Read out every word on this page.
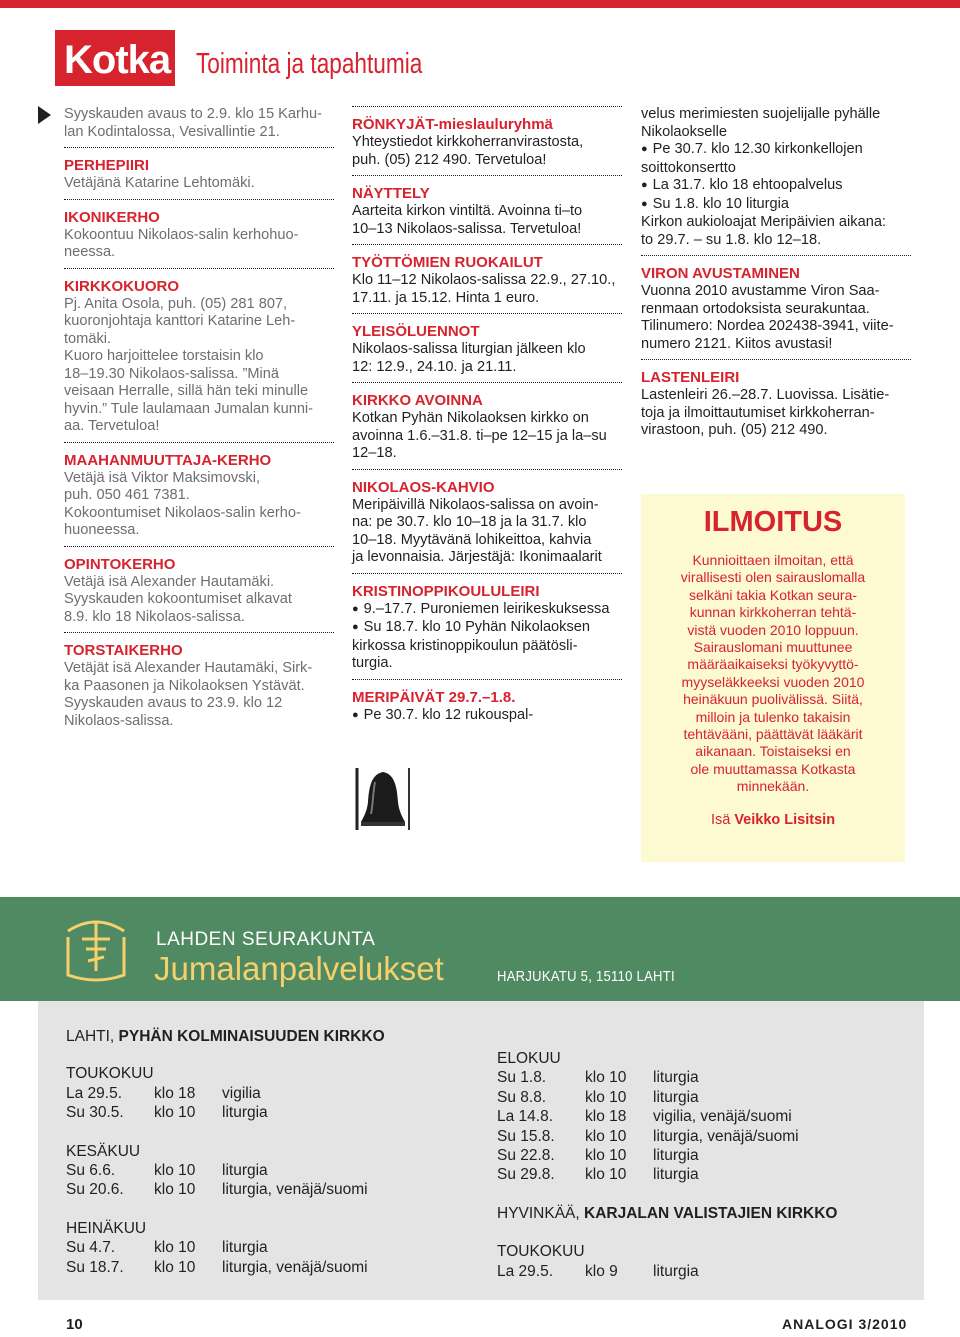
Kotka Toiminta ja tapahtumia

Syyskauden avaus to 2.9. klo 15 Karhu-

lan Kodintalossa, Vesivallintie 21.

PERHEPIIRI

Vetäjänä Katarine Lehtomäki.

IKONIKERHO

Kokoontuu Nikolaos-salin kerhohuo-

neessa.

KIRKKOKUORO

Pj. Anita Osola, puh. (05) 281 807,

kuoronjohtaja kanttori Katarine Leh-

tomäki.

Kuoro harjoittelee torstaisin klo

18–19.30 Nikolaos-salissa. ”Minä

veisaan Herralle, sillä hän teki minulle

hyvin.” Tule laulamaan Jumalan kunni-

aa. Tervetuloa!

MAAHANMUUTTAJA-KERHO

Vetäjä isä Viktor Maksimovski,

puh. 050 461 7381.

Kokoontumiset Nikolaos-salin kerho-

huoneessa.

OPINTOKERHO

Vetäjä isä Alexander Hautamäki.

Syyskauden kokoontumiset alkavat

8.9. klo 18 Nikolaos-salissa.

TORSTAIKERHO

Vetäjät isä Alexander Hautamäki, Sirk-

ka Paasonen ja Nikolaoksen Ystävät.

Syyskauden avaus to 23.9. klo 12

Nikolaos-salissa.

RÖNKYJÄT-mieslauluryhmä

Yhteystiedot kirkkoherranvirastosta,

puh. (05) 212 490. Tervetuloa!

NÄYTTELY

Aarteita kirkon vintiltä. Avoinna ti–to

10–13 Nikolaos-salissa. Tervetuloa!

TYÖTTÖMIEN RUOKAILUT

Klo 11–12 Nikolaos-salissa 22.9., 27.10.,

17.11. ja 15.12. Hinta 1 euro.

YLEISÖLUENNOT

Nikolaos-salissa liturgian jälkeen klo

12: 12.9., 24.10. ja 21.11.

KIRKKO AVOINNA

Kotkan Pyhän Nikolaoksen kirkko on

avoinna 1.6.–31.8. ti–pe 12–15 ja la–su

12–18.

NIKOLAOS-KAHVIO

Meripäivillä Nikolaos-salissa on avoin-

na: pe 30.7. klo 10–18 ja la 31.7. klo

10–18. Myytävänä lohikeittoa, kahvia

ja levonnaisia. Järjestäjä: Ikonimaalarit

KRISTINOPPIKOULULEIRI

● 9.–17.7. Puroniemen leirikeskuksessa

● Su 18.7. klo 10 Pyhän Nikolaoksen

kirkossa kristinoppikoulun päätösli-

turgia.

MERIPÄIVÄT 29.7.–1.8.

● Pe 30.7. klo 12 rukouspal-

velus merimiesten suojelijalle pyhälle

Nikolaokselle

● Pe 30.7. klo 12.30 kirkonkellojen

soittokonsertto

● La 31.7. klo 18 ehtoopalvelus

● Su 1.8. klo 10 liturgia

Kirkon aukioloajat Meripäivien aikana:

to 29.7. – su 1.8. klo 12–18.

VIRON AVUSTAMINEN

Vuonna 2010 avustamme Viron Saa-

renmaan ortodoksista seurakuntaa.

Tilinumero: Nordea 202438-3941, viite-

numero 2121. Kiitos avustasi!

LASTENLEIRI

Lastenleiri 26.–28.7. Luovissa. Lisätie-

toja ja ilmoittautumiset kirkkoherran-

virastoon, puh. (05) 212 490.

ILMOITUS
Kunnioittaen ilmoitan, että
virallisesti olen sairauslomalla
selkäni takia Kotkan seura-
kunnan kirkkoherran tehtä-
vistä vuoden 2010 loppuun.
Sairauslomani muuttunee
määräaikaiseksi työkyvyttö-
myyseläkkeeksi vuoden 2010
heinäkuun puolivälissä. Siitä,
milloin ja tulenko takaisin
tehtävääni, päättävät lääkärit
aikanaan. Toistaiseksi en
ole muuttamassa Kotkasta
minnekään.
Isä Veikko Lisitsin
LAHDEN SEURAKUNTA
Jumalanpalvelukset	HARJUKATU 5, 15110 LAHTI
LAHTI, PYHÄN KOLMINAISUUDEN KIRKKO
TOUKOKUU
La 29.5.	klo 18	vigilia
Su 30.5.	klo 10	liturgia
KESÄKUU
Su 6.6.	klo 10	liturgia
Su 20.6.	klo 10	liturgia, venäjä/suomi
HEINÄKUU
Su 4.7.	klo 10	liturgia
Su 18.7.	klo 10	liturgia, venäjä/suomi
ELOKUU
Su 1.8.	klo 10	liturgia
Su 8.8.	klo 10	liturgia
La 14.8.	klo 18	vigilia, venäjä/suomi
Su 15.8.	klo 10	liturgia, venäjä/suomi
Su 22.8.	klo 10	liturgia
Su 29.8.	klo 10	liturgia
HYVINKÄÄ, KARJALAN VALISTAJIEN KIRKKO
TOUKOKUU
La 29.5.	klo 9	liturgia
10	ANALOGI 3/2010
